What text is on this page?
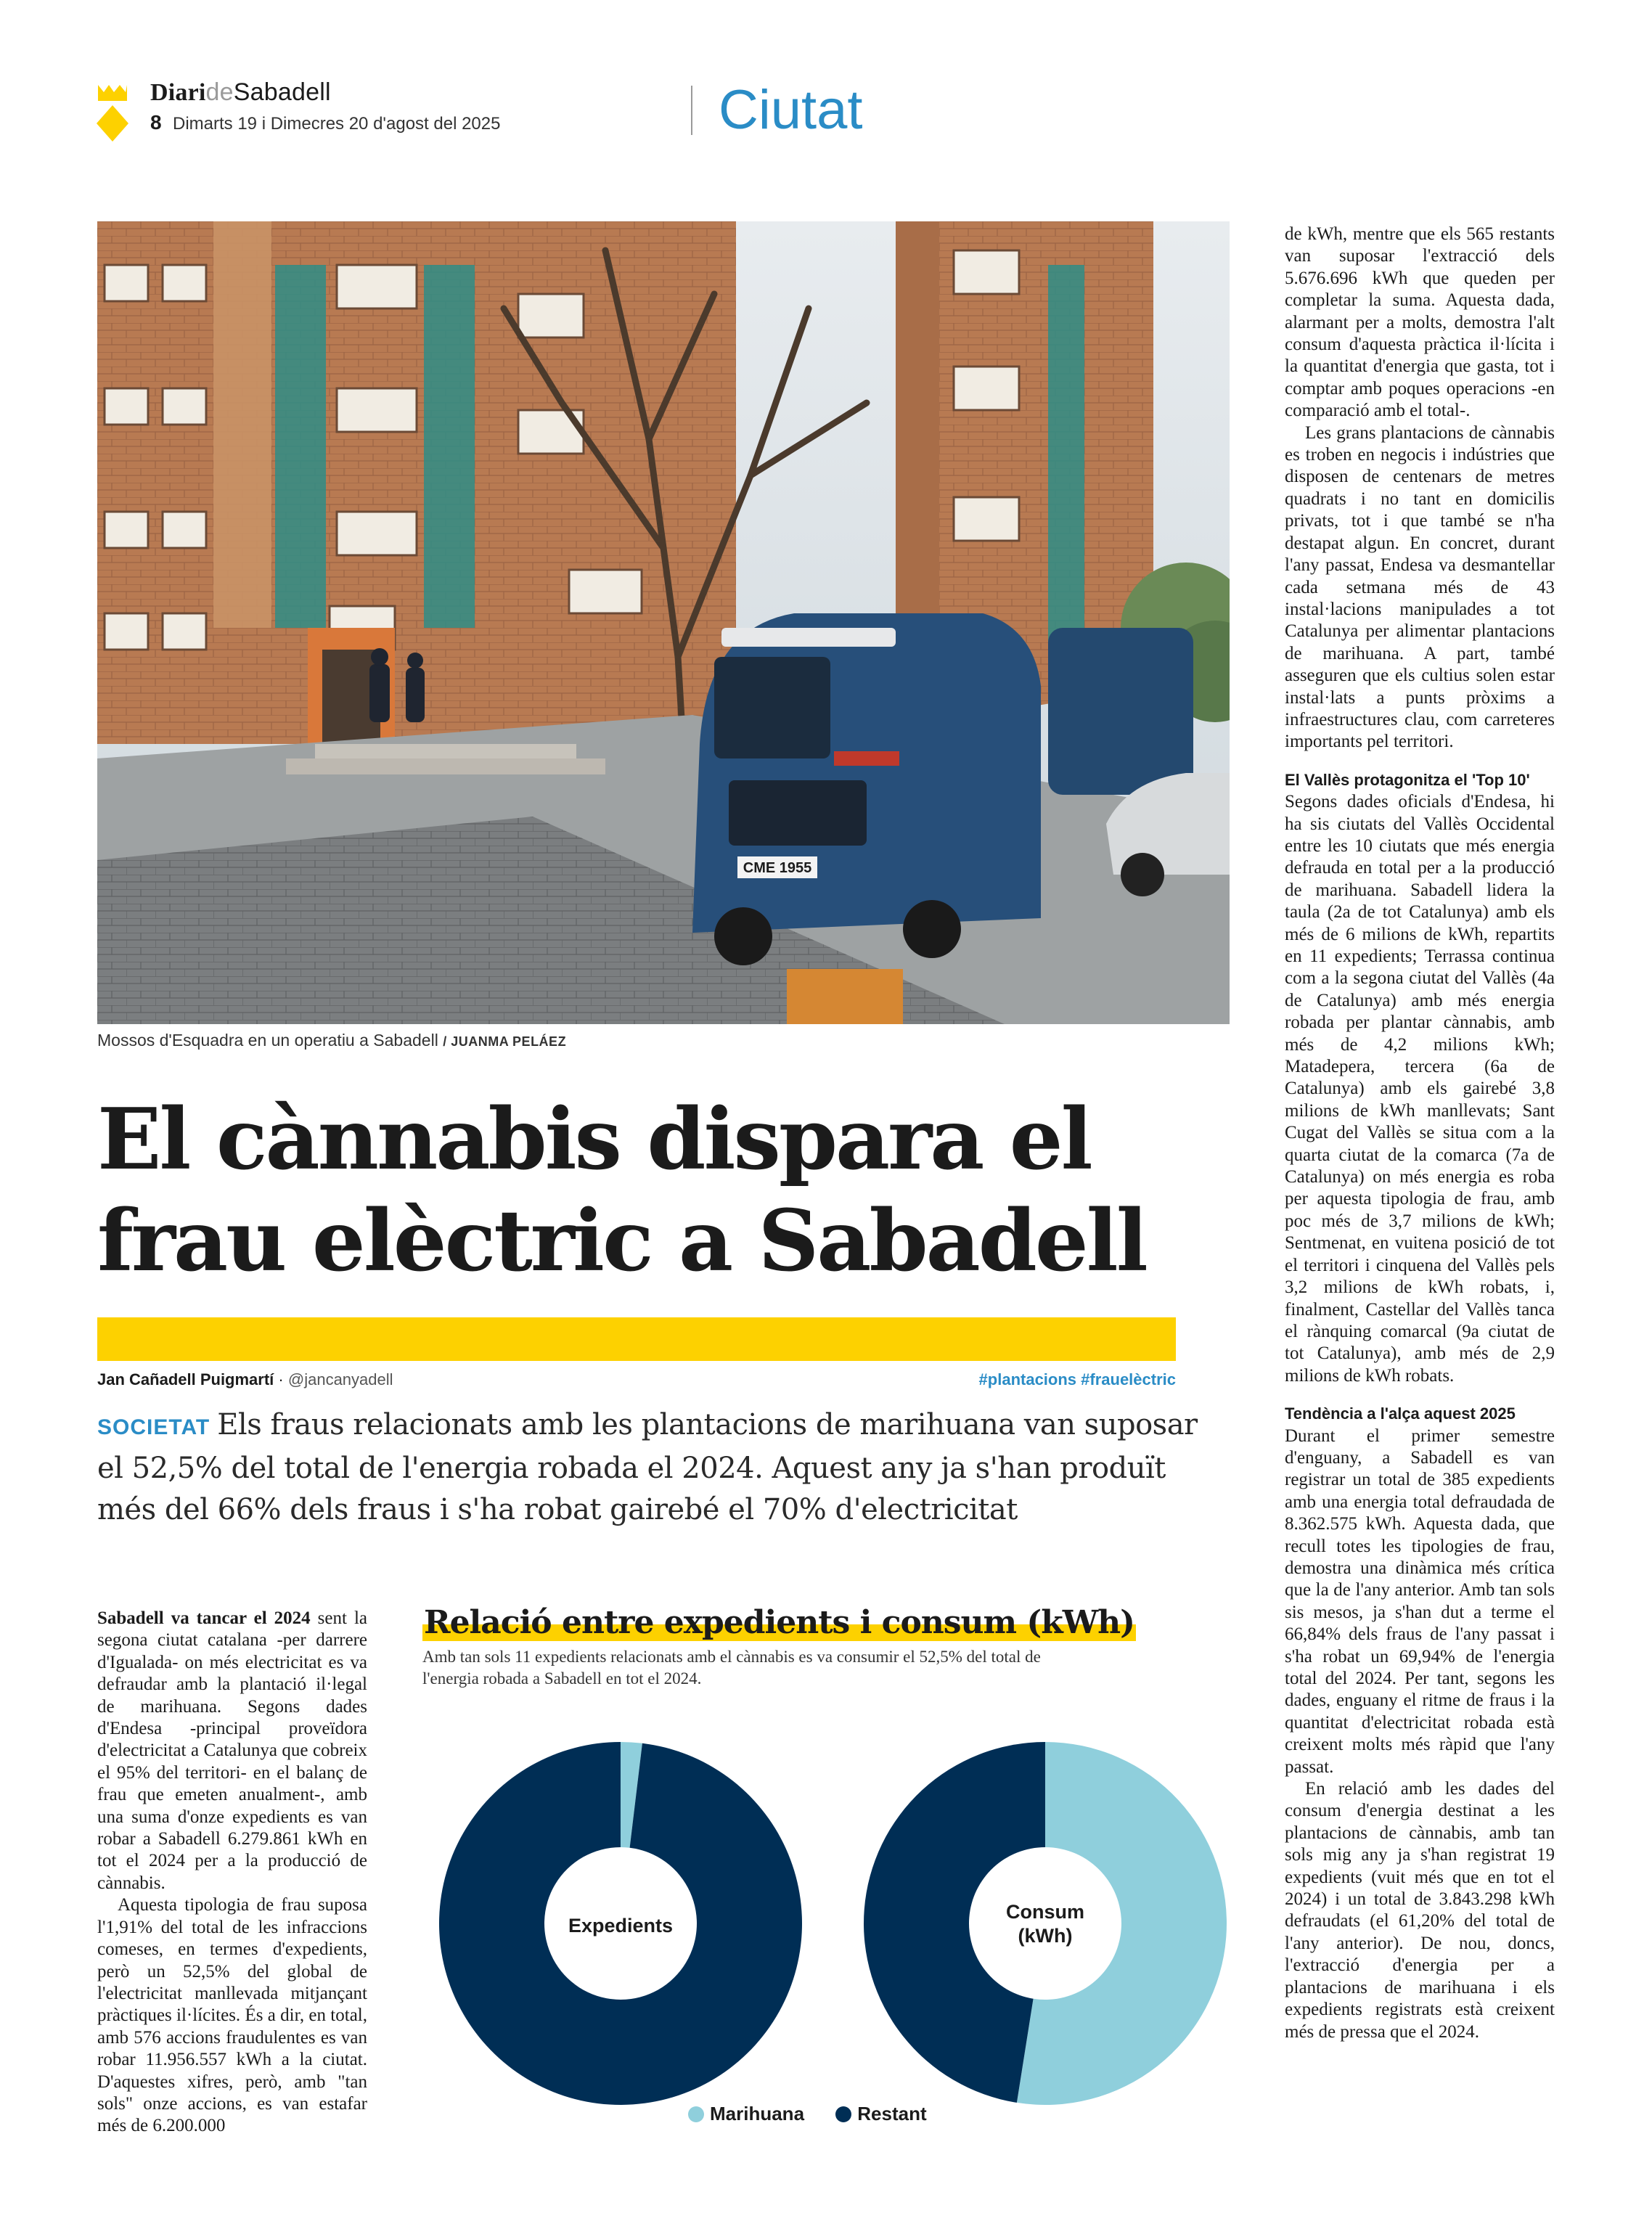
DiarideSabadell
8 Dimarts 19 i Dimecres 20 d'agost del 2025	Ciutat
CME 1955
Mossos d'Esquadra en un operatiu a Sabadell / JUANMA PELÁEZ
El cànnabis dispara el
frau elèctric a Sabadell
Jan Cañadell Puigmartí · @jancanyadell	#plantacions #frauelèctric
SOCIETAT Els fraus relacionats amb les plantacions de marihuana van suposar el 52,5% del total de l'energia robada el 2024. Aquest any ja s'han produït més del 66% dels fraus i s'ha robat gairebé el 70% d'electricitat

Sabadell va tancar el 2024 sent la segona ciutat catalana -per darrere d'Igualada- on més electricitat es va defraudar amb la plantació il·legal de marihuana. Segons dades d'Endesa -principal proveïdora d'electricitat a Catalunya que cobreix el 95% del territori- en el balanç de frau que emeten anualment-, amb una suma d'onze expedients es van robar a Sabadell 6.279.861 kWh en tot el 2024 per a la producció de cànnabis.

Aquesta tipologia de frau suposa l'1,91% del total de les infraccions comeses, en termes d'expedients, però un 52,5% del global de l'electricitat manllevada mitjançant pràctiques il·lícites. És a dir, en total, amb 576 accions fraudulentes es van robar 11.956.557 kWh a la ciutat. D'aquestes xifres, però, amb "tan sols" onze accions, es van estafar més de 6.200.000

de kWh, mentre que els 565 restants van suposar l'extracció dels 5.676.696 kWh que queden per completar la suma. Aquesta dada, alarmant per a molts, demostra l'alt consum d'aquesta pràctica il·lícita i la quantitat d'energia que gasta, tot i comptar amb poques operacions -en comparació amb el total-.

Les grans plantacions de cànnabis es troben en negocis i indústries que disposen de centenars de metres quadrats i no tant en domicilis privats, tot i que també se n'ha destapat algun. En concret, durant l'any passat, Endesa va desmantellar cada setmana més de 43 instal·lacions manipulades a tot Catalunya per alimentar plantacions de marihuana. A part, també asseguren que els cultius solen estar instal·lats a punts pròxims a infraestructures clau, com carreteres importants pel territori.

El Vallès protagonitza el 'Top 10'

Segons dades oficials d'Endesa, hi ha sis ciutats del Vallès Occidental entre les 10 ciutats que més energia defrauda en total per a la producció de marihuana. Sabadell lidera la taula (2a de tot Catalunya) amb els més de 6 milions de kWh, repartits en 11 expedients; Terrassa continua com a la segona ciutat del Vallès (4a de Catalunya) amb més energia robada per plantar cànnabis, amb més de 4,2 milions kWh; Matadepera, tercera (6a de Catalunya) amb els gairebé 3,8 milions de kWh manllevats; Sant Cugat del Vallès se situa com a la quarta ciutat de la comarca (7a de Catalunya) on més energia es roba per aquesta tipologia de frau, amb poc més de 3,7 milions de kWh; Sentmenat, en vuitena posició de tot el territori i cinquena del Vallès pels 3,2 milions de kWh robats, i, finalment, Castellar del Vallès tanca el rànquing comarcal (9a ciutat de tot Catalunya), amb més de 2,9 milions de kWh robats.

Tendència a l'alça aquest 2025

Durant el primer semestre d'enguany, a Sabadell es van registrar un total de 385 expedients amb una energia total defraudada de 8.362.575 kWh. Aquesta dada, que recull totes les tipologies de frau, demostra una dinàmica més crítica que la de l'any anterior. Amb tan sols sis mesos, ja s'han dut a terme el 66,84% dels fraus de l'any passat i s'ha robat un 69,94% de l'energia total del 2024. Per tant, segons les dades, enguany el ritme de fraus i la quantitat d'electricitat robada està creixent molts més ràpid que l'any passat.

En relació amb les dades del consum d'energia destinat a les plantacions de cànnabis, amb tan sols mig any ja s'han registrat 19 expedients (vuit més que en tot el 2024) i un total de 3.843.298 kWh defraudats (el 61,20% del total de l'any anterior). De nou, doncs, l'extracció d'energia per a plantacions de marihuana i els expedients registrats està creixent més de pressa que el 2024.

Relació entre expedients i consum (kWh)
Amb tan sols 11 expedients relacionats amb el cànnabis es va consumir el 52,5% del total de l'energia robada a Sabadell en tot el 2024.
Expedients
Consum
(kWh)
Marihuana	Restant
